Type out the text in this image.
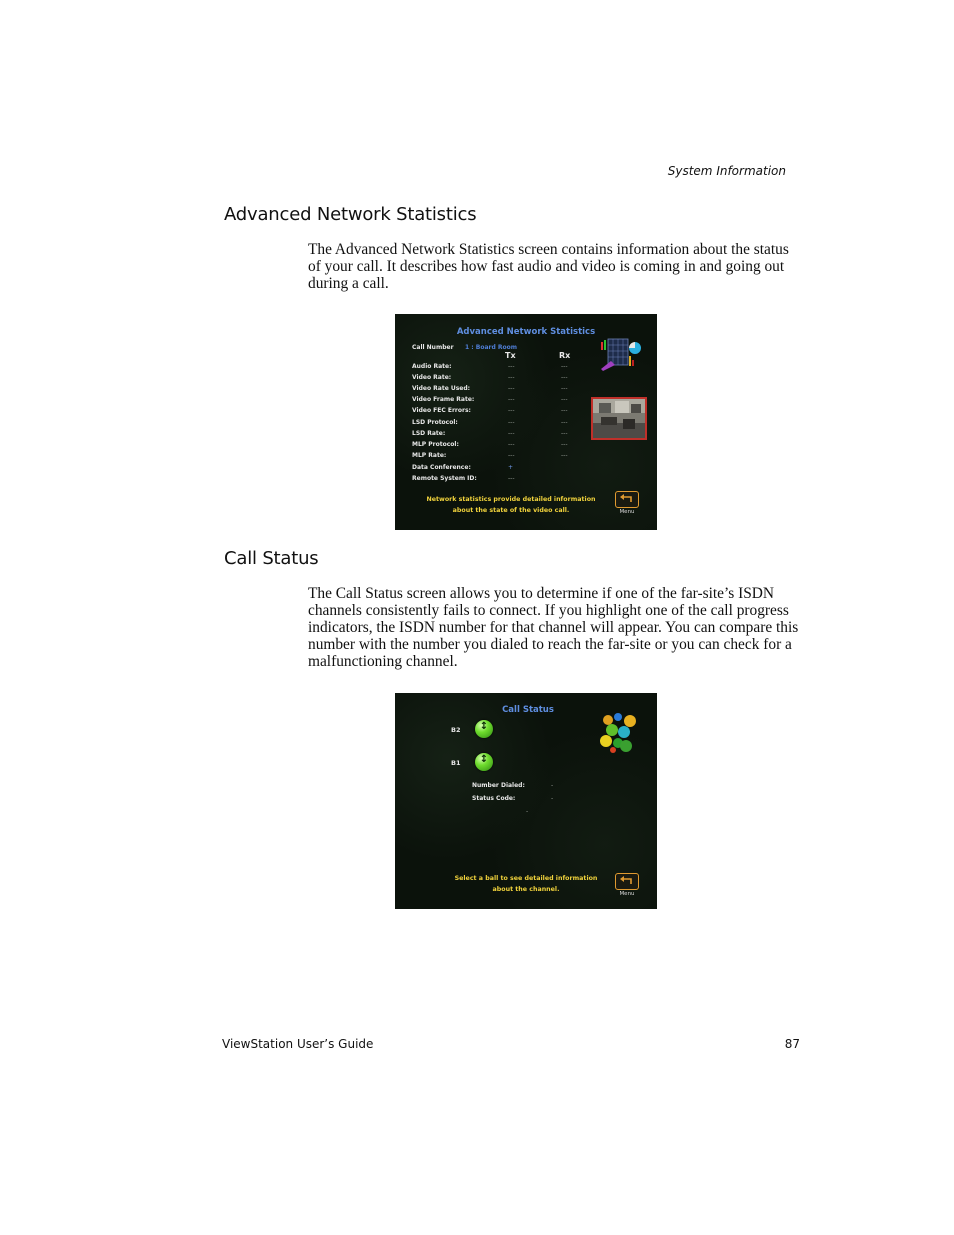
System Information
Advanced Network Statistics

The Advanced Network Statistics screen contains information about the status of your call. It describes how fast audio and video is coming in and going out during a call.

Advanced Network Statistics
Call Number 1 : Board Room
Tx	Rx
Audio Rate:	---	---
Video Rate:	---	---
Video Rate Used:	---	---
Video Frame Rate:	---	---
Video FEC Errors:	---	---
LSD Protocol:	---	---
LSD Rate:	---	---
MLP Protocol:	---	---
MLP Rate:	---	---
Data Conference:	+
Remote System ID:	---
Network statistics provide detailed information
about the state of the video call.	Menu
Call Status

The Call Status screen allows you to determine if one of the far-site’s ISDN channels consistently fails to connect. If you highlight one of the call progress indicators, the ISDN number for that channel will appear. You can compare this number with the number you dialed to reach the far-site or you can check for a malfunctioning channel.

Call Status
B2	↕
B1	↕
Number Dialed:	-
Status Code:	-
-
Select a ball to see detailed information
about the channel.
Menu
ViewStation User’s Guide	87
